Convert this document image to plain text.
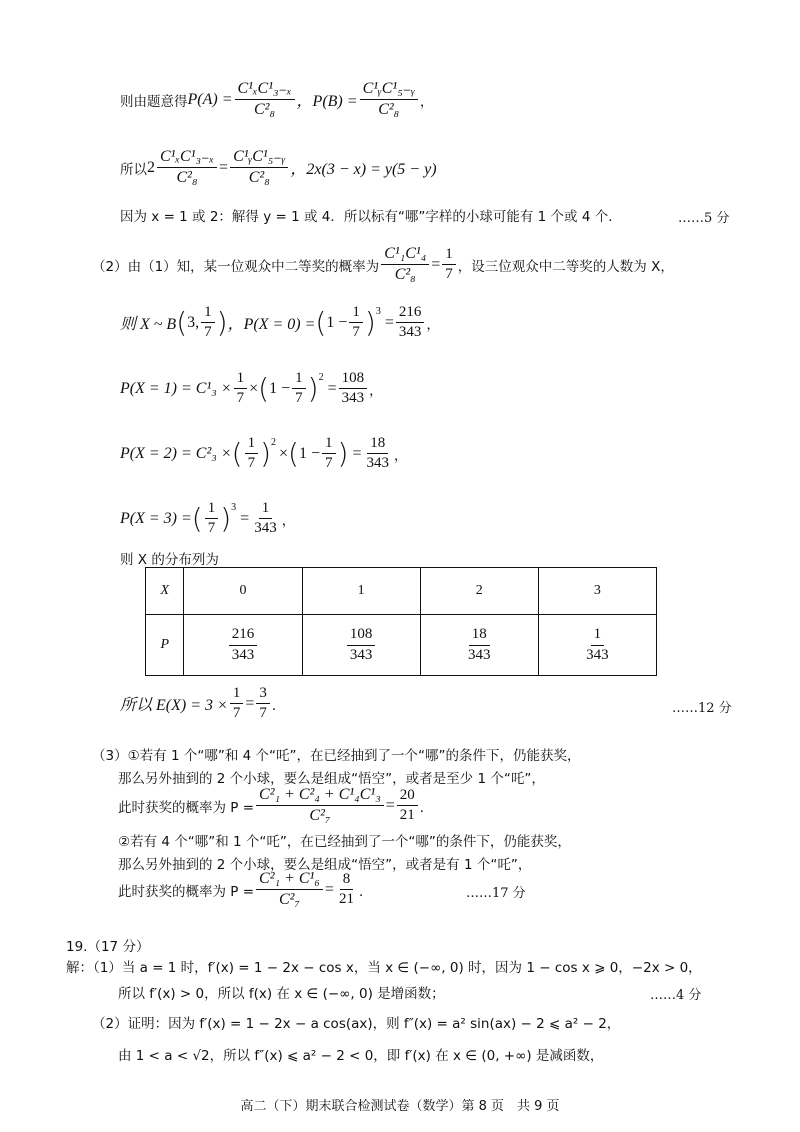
则由题意得 $P(A) = \frac{\text{C¹ₓC¹₃₋ₓ}}{\text{C²₈}}$ ，$P(B) = \frac{\text{C¹ᵧC¹₅₋ᵧ}}{\text{C²₈}}$ ，
所以 $2 \frac{\text{C¹ₓC¹₃₋ₓ}}{\text{C²₈}} = \frac{\text{C¹ᵧC¹₅₋ᵧ}}{\text{C²₈}}$ ，2x(3 − x) = y(5 − y)
因为 x = 1 或 2：解得 y = 1 或 4．所以标有“哪”字样的小球可能有 1 个或 4 个．	……5 分
（2）由（1）知，某一位观众中二等奖的概率为 $\frac{\text{C¹₁C¹₄}}{\text{C²₈}} = \frac{1}{7}$ ，设三位观众中二等奖的人数为 X，
则 X ~ B ( 3, $\frac{1}{7}$ ) ，P(X = 0) = ( $1 - \frac{1}{7}$ ) 3
= $\frac{216}{343}$ ，
$P(X = 1) = C^1_3 \times \frac{1}{7}$ × ( $1 - \frac{1}{7}$ ) 2
= $\frac{108}{343}$ ，
P(X = 2) = C²₃ × ( $\frac{1}{7}$ ) 2
× ( $1 - \frac{1}{7}$ ) = $\frac{18}{343}$ ，
P(X = 3) = ( $\frac{1}{7}$ ) 3
= $\frac{1}{343}$ ，
则 X 的分布列为
X	0	1	2	3
P	$\frac{216}{343}$	$\frac{108}{343}$	$\frac{18}{343}$	$\frac{1}{343}$
所以 $E(X) = 3 \times \frac{1}{7} = \frac{3}{7}$ ．	……12 分
（3）①若有 1 个“哪”和 4 个“吒”，在已经抽到了一个“哪”的条件下，仍能获奖，
那么另外抽到的 2 个小球，要么是组成“悟空”，或者是至少 1 个“吒”，
此时获奖的概率为 $P = \frac{\text{C²₁ + C²₄ + C¹₄C¹₃}}{\text{C²₇}} = \frac{20}{21}$ ．
②若有 4 个“哪”和 1 个“吒”，在已经抽到了一个“哪”的条件下，仍能获奖，
那么另外抽到的 2 个小球，要么是组成“悟空”，或者是有 1 个“吒”，
此时获奖的概率为 $P = \frac{\text{C²₁ + C¹₆}}{\text{C²₇}} = \frac{8}{21}$ ．	……17 分
19.（17 分）
解：（1）当 a = 1 时，f′(x) = 1 − 2x − cos x，当 x ∈ (−∞, 0) 时，因为 1 − cos x ⩾ 0，−2x > 0，
所以 f′(x) > 0，所以 f(x) 在 x ∈ (−∞, 0) 是增函数；	……4 分
（2）证明：因为 f′(x) = 1 − 2x − a cos(ax)，则 f″(x) = a² sin(ax) − 2 ⩽ a² − 2，
由 1 < a < √2，所以 f″(x) ⩽ a² − 2 < 0，即 f′(x) 在 x ∈ (0, +∞) 是减函数，
高二（下）期末联合检测试卷（数学）第 8 页　共 9 页
